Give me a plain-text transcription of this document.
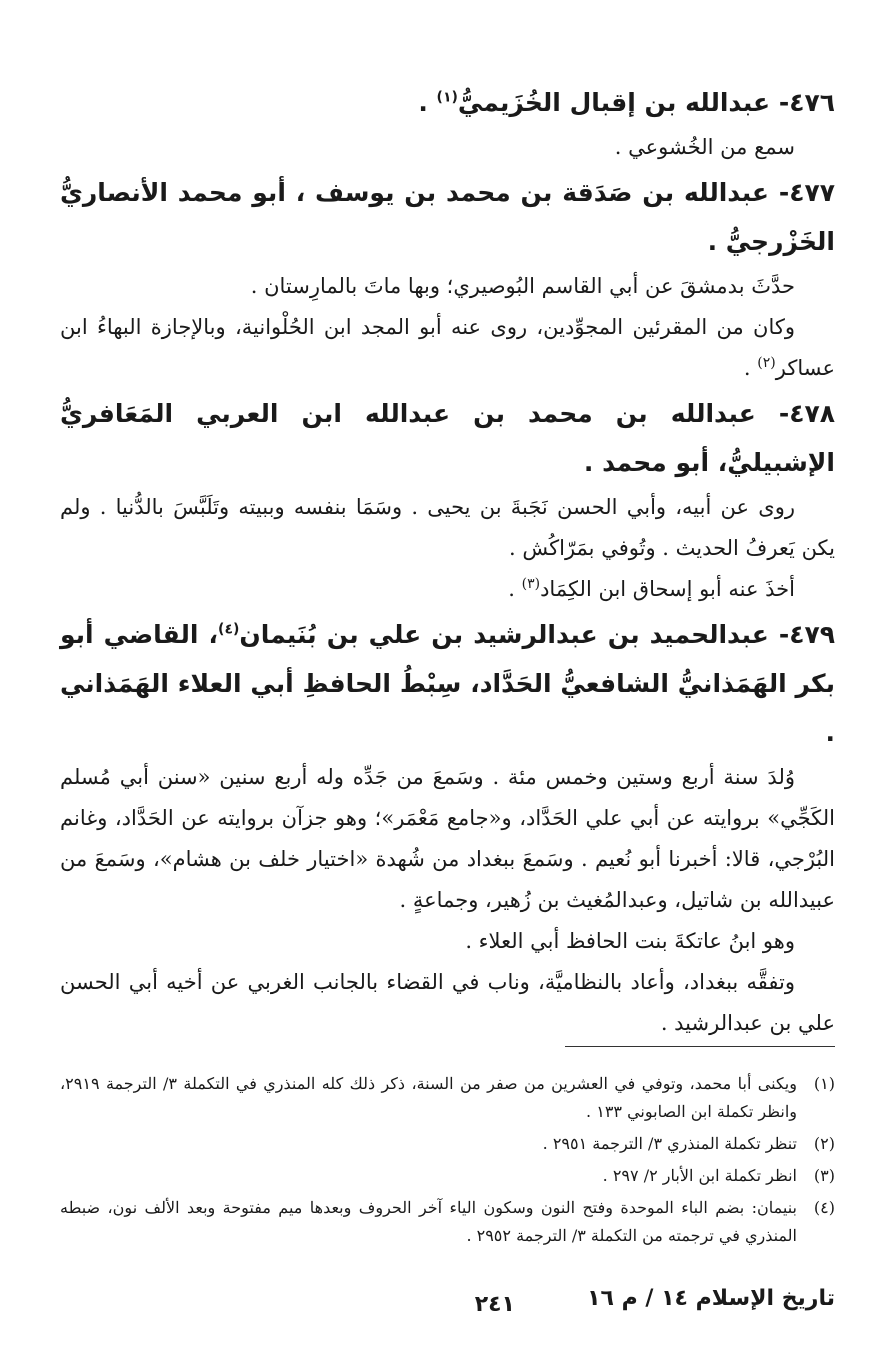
٤٧٦- عبدالله بن إقبال الخُزَيميُّ$^{(١)}$ .

سمع من الخُشوعي .

٤٧٧- عبدالله بن صَدَقة بن محمد بن يوسف ، أبو محمد الأنصاريُّ الخَزْرجيُّ .

حدَّثَ بدمشقَ عن أبي القاسم البُوصيري؛ وبها ماتَ بالمارِستان .

وكان من المقرئين المجوِّدين، روى عنه أبو المجد ابن الحُلْوانية، وبالإجازة البهاءُ ابن عساكر$^{(٢)}$ .

٤٧٨- عبدالله بن محمد بن عبدالله ابن العربي المَعَافريُّ الإشبيليُّ، أبو محمد .

روى عن أبيه، وأبي الحسن نَجَبةَ بن يحيى . وسَمَا بنفسه وببيته وتَلَبَّسَ بالدُّنيا . ولم يكن يَعرفُ الحديث . وتُوفي بمَرّاكُش .

أخذَ عنه أبو إسحاق ابن الكِمَاد$^{(٣)}$ .

٤٧٩- عبدالحميد بن عبدالرشيد بن علي بن بُنَيمان$^{(٤)}$، القاضي أبو بكر الهَمَذانيُّ الشافعيُّ الحَدَّاد، سِبْطُ الحافظِ أبي العلاء الهَمَذاني .

وُلدَ سنة أربع وستين وخمس مئة . وسَمعَ من جَدِّه وله أربع سنين «سنن أبي مُسلم الكَجِّي» بروايته عن أبي علي الحَدَّاد، و«جامع مَعْمَر»؛ وهو جزآن بروايته عن الحَدَّاد، وغانم البُرْجي، قالا: أخبرنا أبو نُعيم . وسَمعَ ببغداد من شُهدة «اختيار خلف بن هشام»، وسَمعَ من عبيدالله بن شاتيل، وعبدالمُغيث بن زُهير، وجماعةٍ .

وهو ابنُ عاتكةَ بنت الحافظ أبي العلاء .

وتفقَّه ببغداد، وأعاد بالنظاميَّة، وناب في القضاء بالجانب الغربي عن أخيه أبي الحسن علي بن عبدالرشيد .

(١)
ويكنى أبا محمد، وتوفي في العشرين من صفر من السنة، ذكر ذلك كله المنذري في التكملة ٣/ الترجمة ٢٩١٩، وانظر تكملة ابن الصابوني ١٣٣ .
(٢)
تنظر تكملة المنذري ٣/ الترجمة ٢٩٥١ .
(٣)
انظر تكملة ابن الأبار ٢/ ٢٩٧ .
(٤)
بنيمان: بضم الباء الموحدة وفتح النون وسكون الياء آخر الحروف وبعدها ميم مفتوحة وبعد الألف نون، ضبطه المنذري في ترجمته من التكملة ٣/ الترجمة ٢٩٥٢ .
تاريخ الإسلام ١٤ / م ١٦
٢٤١
